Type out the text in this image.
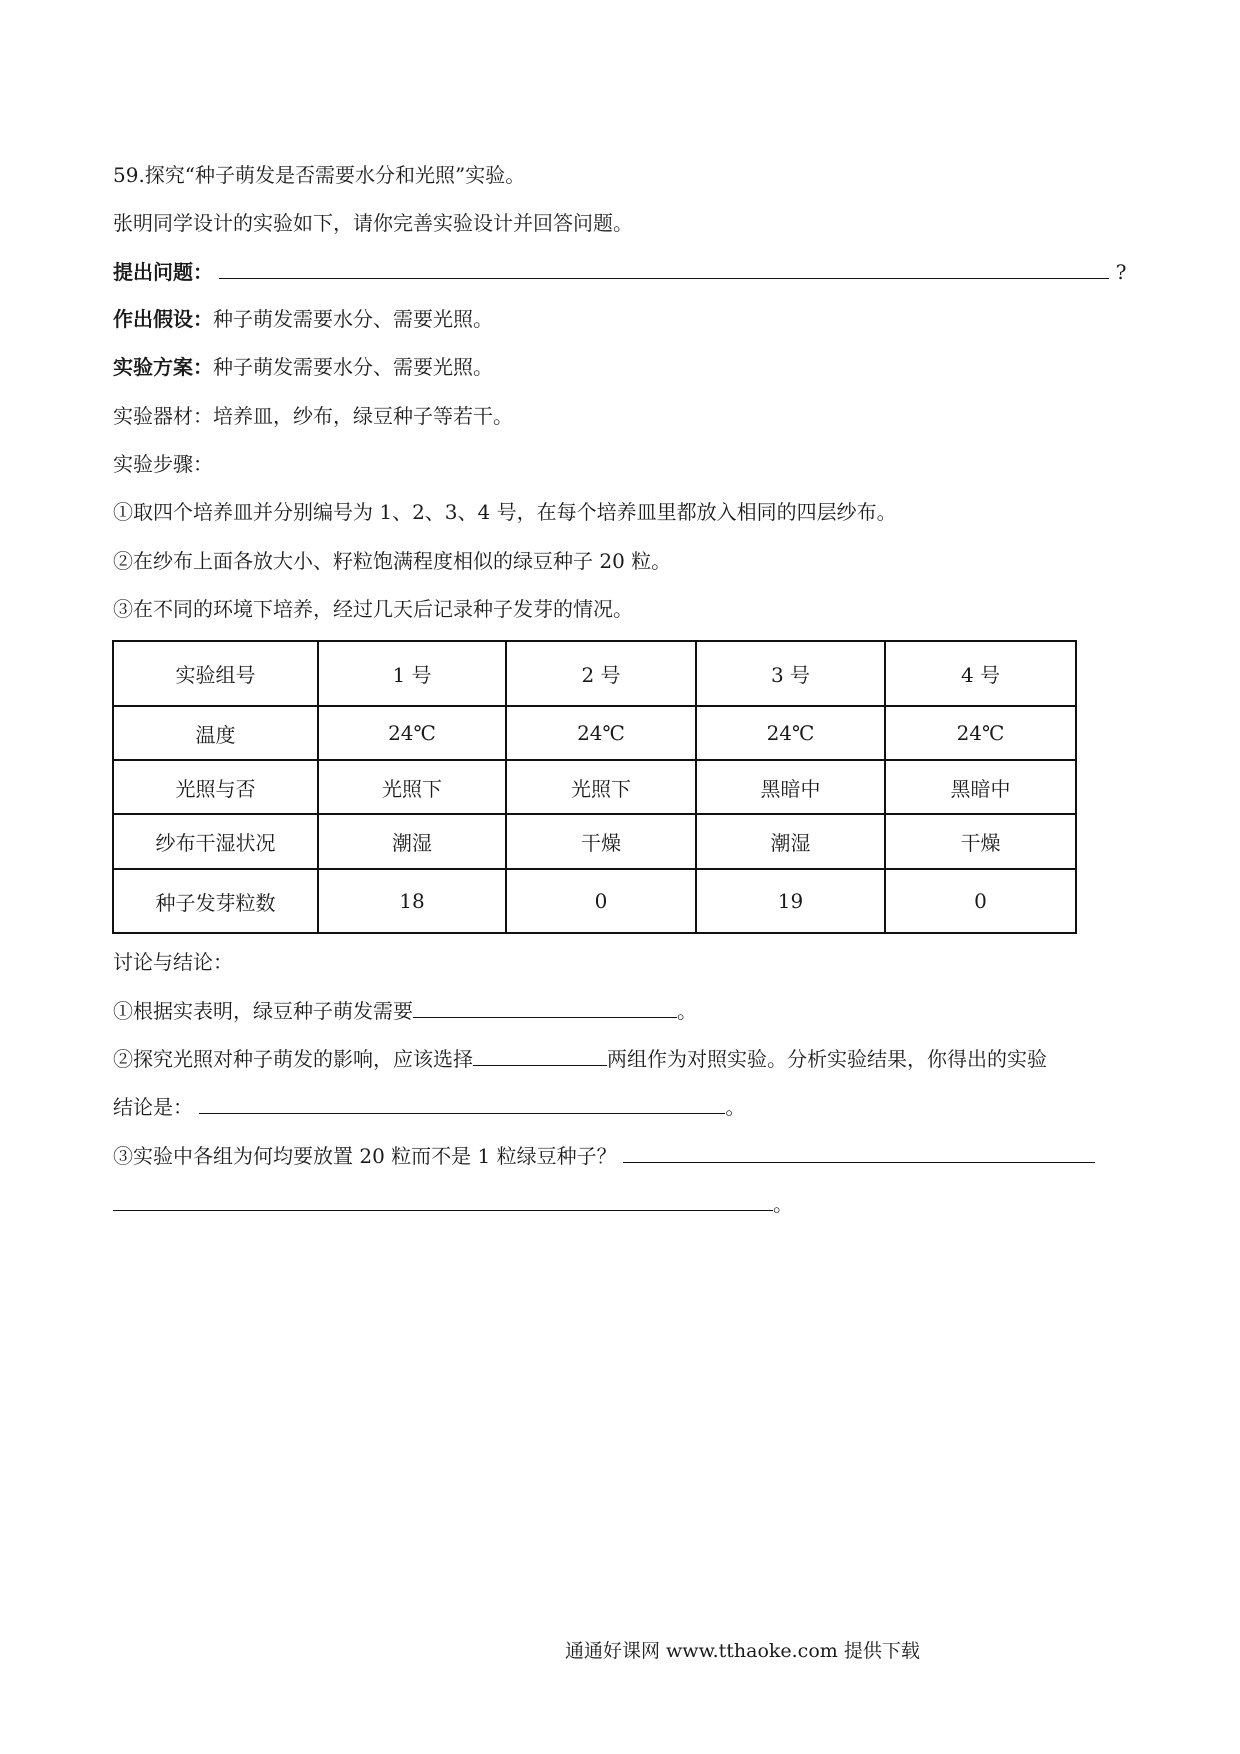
59.探究“种子萌发是否需要水分和光照”实验。
张明同学设计的实验如下，请你完善实验设计并回答问题。
提出问题：	?
作出假设：种子萌发需要水分、需要光照。
实验方案：种子萌发需要水分、需要光照。
实验器材：培养皿，纱布，绿豆种子等若干。
实验步骤：
①取四个培养皿并分别编号为 1、2、3、4 号，在每个培养皿里都放入相同的四层纱布。
②在纱布上面各放大小、籽粒饱满程度相似的绿豆种子 20 粒。
③在不同的环境下培养，经过几天后记录种子发芽的情况。
实验组号	1 号	2 号	3 号	4 号
温度	24℃	24℃	24℃	24℃
光照与否	光照下	光照下	黑暗中	黑暗中
纱布干湿状况	潮湿	干燥	潮湿	干燥
种子发芽粒数	18	0	19	0
讨论与结论：
①根据实表明，绿豆种子萌发需要	。
②探究光照对种子萌发的影响，应该选择	两组作为对照实验。分析实验结果，你得出的实验
结论是：	。
③实验中各组为何均要放置 20 粒而不是 1 粒绿豆种子？
。
通通好课网 www.tthaoke.com 提供下载
